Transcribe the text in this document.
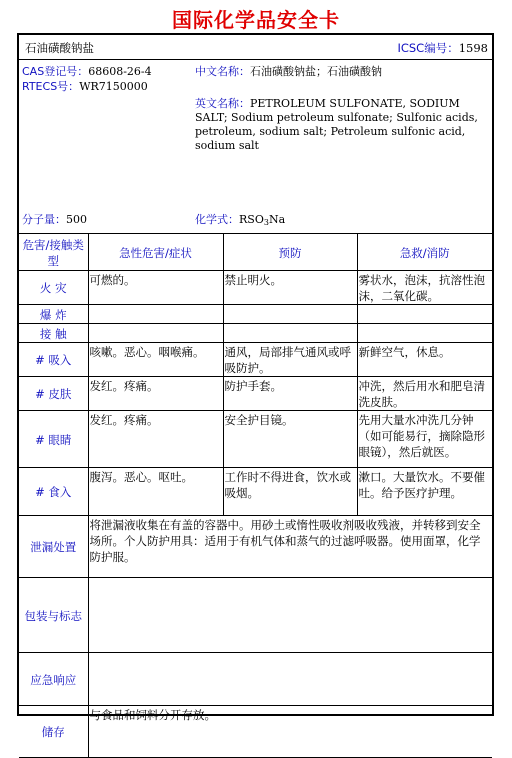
国际化学品安全卡
石油磺酸钠盐	ICSC编号：1598
CAS登记号：68608-26-4
RTECS号：WR7150000
中文名称：石油磺酸钠盐；石油磺酸钠
英文名称：PETROLEUM SULFONATE, SODIUM SALT; Sodium petroleum sulfonate; Sulfonic acids, petroleum, sodium salt; Petroleum sulfonic acid, sodium salt
分子量：500	化学式：$RSO_3Na$
危害/接触类型	急性危害/症状	预防	急救/消防
火 灾	可燃的。	禁止明火。	雾状水，泡沫，抗溶性泡沫，二氧化碳。
爆 炸			
接 触			
# 吸入	咳嗽。恶心。咽喉痛。	通风，局部排气通风或呼吸防护。	新鲜空气，休息。
# 皮肤	发红。疼痛。	防护手套。	冲洗，然后用水和肥皂清洗皮肤。
# 眼睛	发红。疼痛。	安全护目镜。	先用大量水冲洗几分钟（如可能易行，摘除隐形眼镜），然后就医。
# 食入	腹泻。恶心。呕吐。	工作时不得进食，饮水或吸烟。	漱口。大量饮水。不要催吐。给予医疗护理。
泄漏处置	将泄漏液收集在有盖的容器中。用砂土或惰性吸收剂吸收残液，并转移到安全场所。个人防护用具：适用于有机气体和蒸气的过滤呼吸器。使用面罩，化学防护服。		
包装与标志			
应急响应			
储存	与食品和饲料分开存放。		
